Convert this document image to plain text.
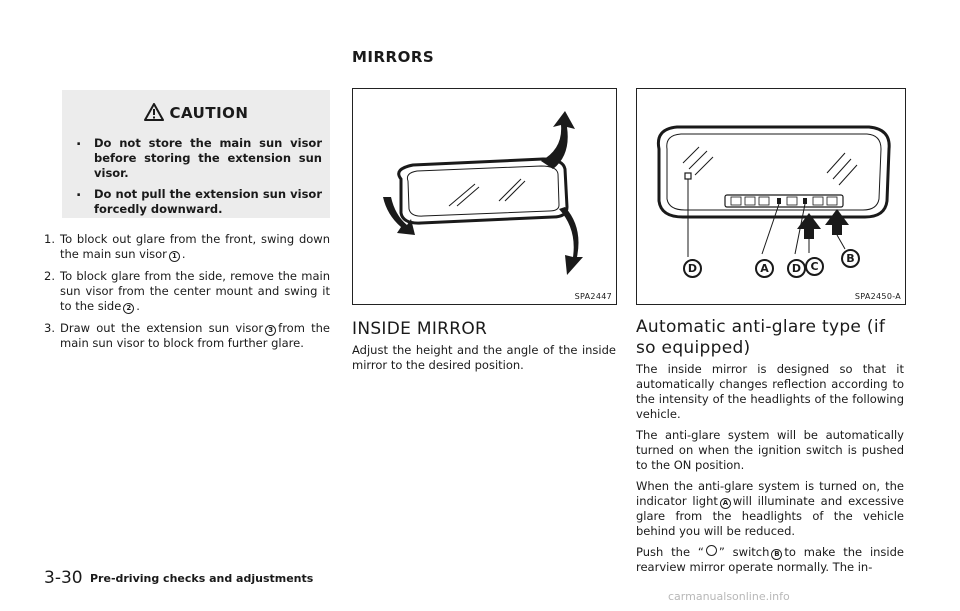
MIRRORS
CAUTION
. Do not store the main sun visor before storing the extension sun visor.
. Do not pull the extension sun visor forcedly downward.
1. To block out glare from the front, swing down the main sun visor 1 .
2. To block glare from the side, remove the main sun visor from the center mount and swing it to the side 2 .
3. Draw out the extension sun visor 3 from the main sun visor to block from further glare.
SPA2447
D	A	D C
B
SPA2450-A
INSIDE MIRROR
Adjust the height and the angle of the inside mirror to the desired position.
Automatic anti-glare type (if so equipped)

The inside mirror is designed so that it automatically changes reflection according to the intensity of the headlights of the following vehicle.

The anti-glare system will be automatically turned on when the ignition switch is pushed to the ON position.

When the anti-glare system is turned on, the indicator light A will illuminate and excessive glare from the headlights of the vehicle behind you will be reduced.

Push the “ ” switch B to make the inside rearview mirror operate normally. The in-

3-30 Pre-driving checks and adjustments
carmanualsonline.info
